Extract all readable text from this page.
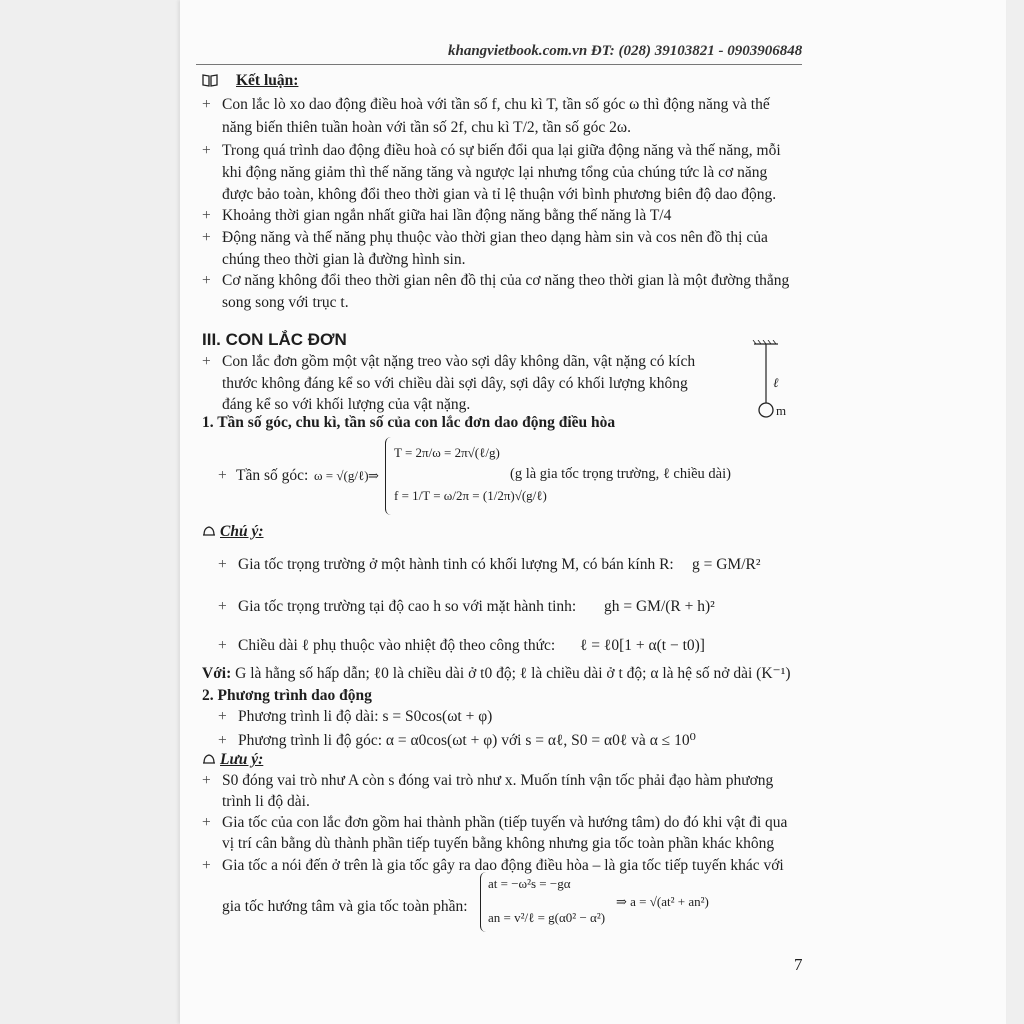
khangvietbook.com.vn ĐT: (028) 39103821 - 0903906848
Kết luận:
+ Con lắc lò xo dao động điều hoà với tần số f, chu kì T, tần số góc ω thì động năng và thế
năng biến thiên tuần hoàn với tần số 2f, chu kì T/2, tần số góc 2ω.
+ Trong quá trình dao động điều hoà có sự biến đổi qua lại giữa động năng và thế năng, mỗi
khi động năng giảm thì thế năng tăng và ngược lại nhưng tổng của chúng tức là cơ năng
được bảo toàn, không đổi theo thời gian và tỉ lệ thuận với bình phương biên độ dao động.
+ Khoảng thời gian ngắn nhất giữa hai lần động năng bằng thế năng là T/4
+ Động năng và thế năng phụ thuộc vào thời gian theo dạng hàm sin và cos nên đồ thị của
chúng theo thời gian là đường hình sin.
+ Cơ năng không đổi theo thời gian nên đồ thị của cơ năng theo thời gian là một đường thẳng
song song với trục t.
III. CON LẮC ĐƠN
+ Con lắc đơn gồm một vật nặng treo vào sợi dây không dãn, vật nặng có kích
thước không đáng kể so với chiều dài sợi dây, sợi dây có khối lượng không
đáng kể so với khối lượng của vật nặng.
ℓ
m
1. Tần số góc, chu kì, tần số của con lắc đơn dao động điều hòa
+ Tần số góc: ω = √(g/ℓ) ⇒
T = 2π/ω = 2π√(ℓ/g)
f = 1/T = ω/2π = (1/2π)√(g/ℓ)
(g là gia tốc trọng trường, ℓ chiều dài)
Chú ý:
+ Gia tốc trọng trường ở một hành tinh có khối lượng M, có bán kính R: g = GM/R²
+ Gia tốc trọng trường tại độ cao h so với mặt hành tinh: gh = GM/(R + h)²
+ Chiều dài ℓ phụ thuộc vào nhiệt độ theo công thức: ℓ = ℓ0[1 + α(t − t0)]
Với: G là hằng số hấp dẫn; ℓ0 là chiều dài ở t0 độ; ℓ là chiều dài ở t độ; α là hệ số nở dài (K⁻¹)
2. Phương trình dao động
+ Phương trình li độ dài: s = S0cos(ωt + φ)
+ Phương trình li độ góc: α = α0cos(ωt + φ) với s = αℓ, S0 = α0ℓ và α ≤ 10⁰
Lưu ý:
+ S0 đóng vai trò như A còn s đóng vai trò như x. Muốn tính vận tốc phải đạo hàm phương
trình li độ dài.
+ Gia tốc của con lắc đơn gồm hai thành phần (tiếp tuyến và hướng tâm) do đó khi vật đi qua
vị trí cân bằng dù thành phần tiếp tuyến bằng không nhưng gia tốc toàn phần khác không
+ Gia tốc a nói đến ở trên là gia tốc gây ra dao động điều hòa – là gia tốc tiếp tuyến khác với
gia tốc hướng tâm và gia tốc toàn phần:
at = −ω²s = −gα
an = v²/ℓ = g(α0² − α²)
⇒ a = √(at² + an²)
7
